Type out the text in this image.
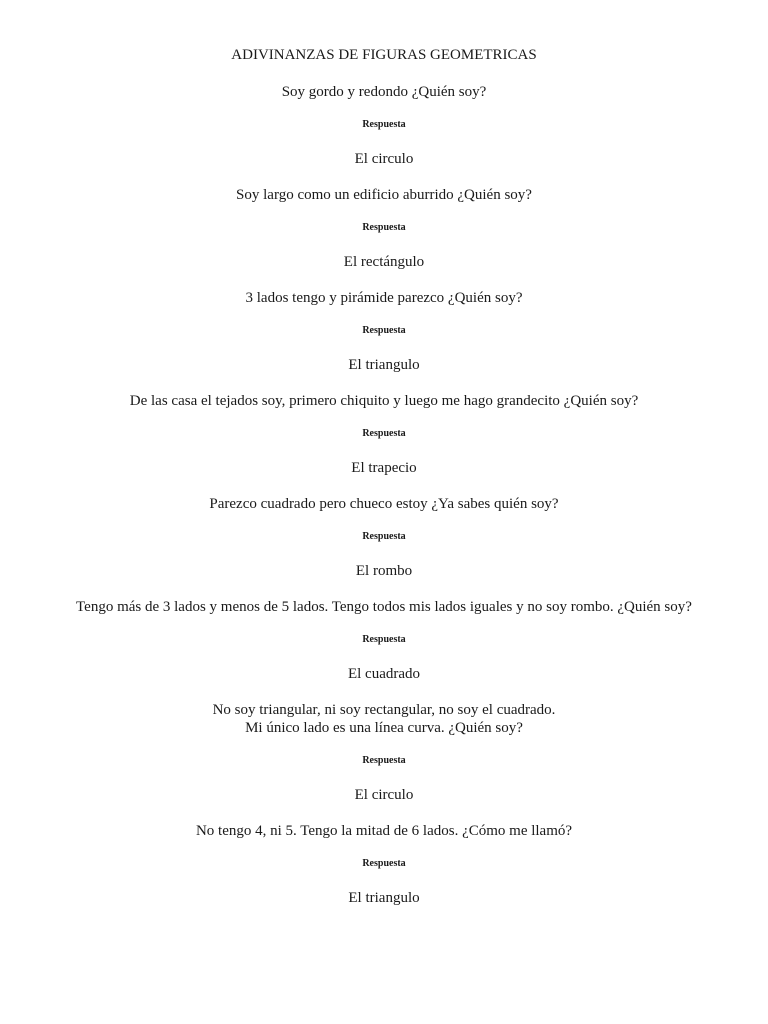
ADIVINANZAS DE FIGURAS GEOMETRICAS
Soy gordo y redondo ¿Quién soy?
Respuesta
El circulo
Soy largo como un edificio aburrido ¿Quién soy?
Respuesta
El rectángulo
3 lados tengo y pirámide parezco ¿Quién soy?
Respuesta
El triangulo
De las casa el tejados soy, primero chiquito y luego me hago grandecito ¿Quién soy?
Respuesta
El trapecio
Parezco cuadrado pero chueco estoy ¿Ya sabes quién soy?
Respuesta
El rombo
Tengo más de 3 lados y menos de 5 lados. Tengo todos mis lados iguales y no soy rombo. ¿Quién soy?
Respuesta
El cuadrado
No soy triangular, ni soy rectangular, no soy el cuadrado.
Mi único lado es una línea curva. ¿Quién soy?
Respuesta
El circulo
No tengo 4, ni 5. Tengo la mitad de 6 lados. ¿Cómo me llamó?
Respuesta
El triangulo
